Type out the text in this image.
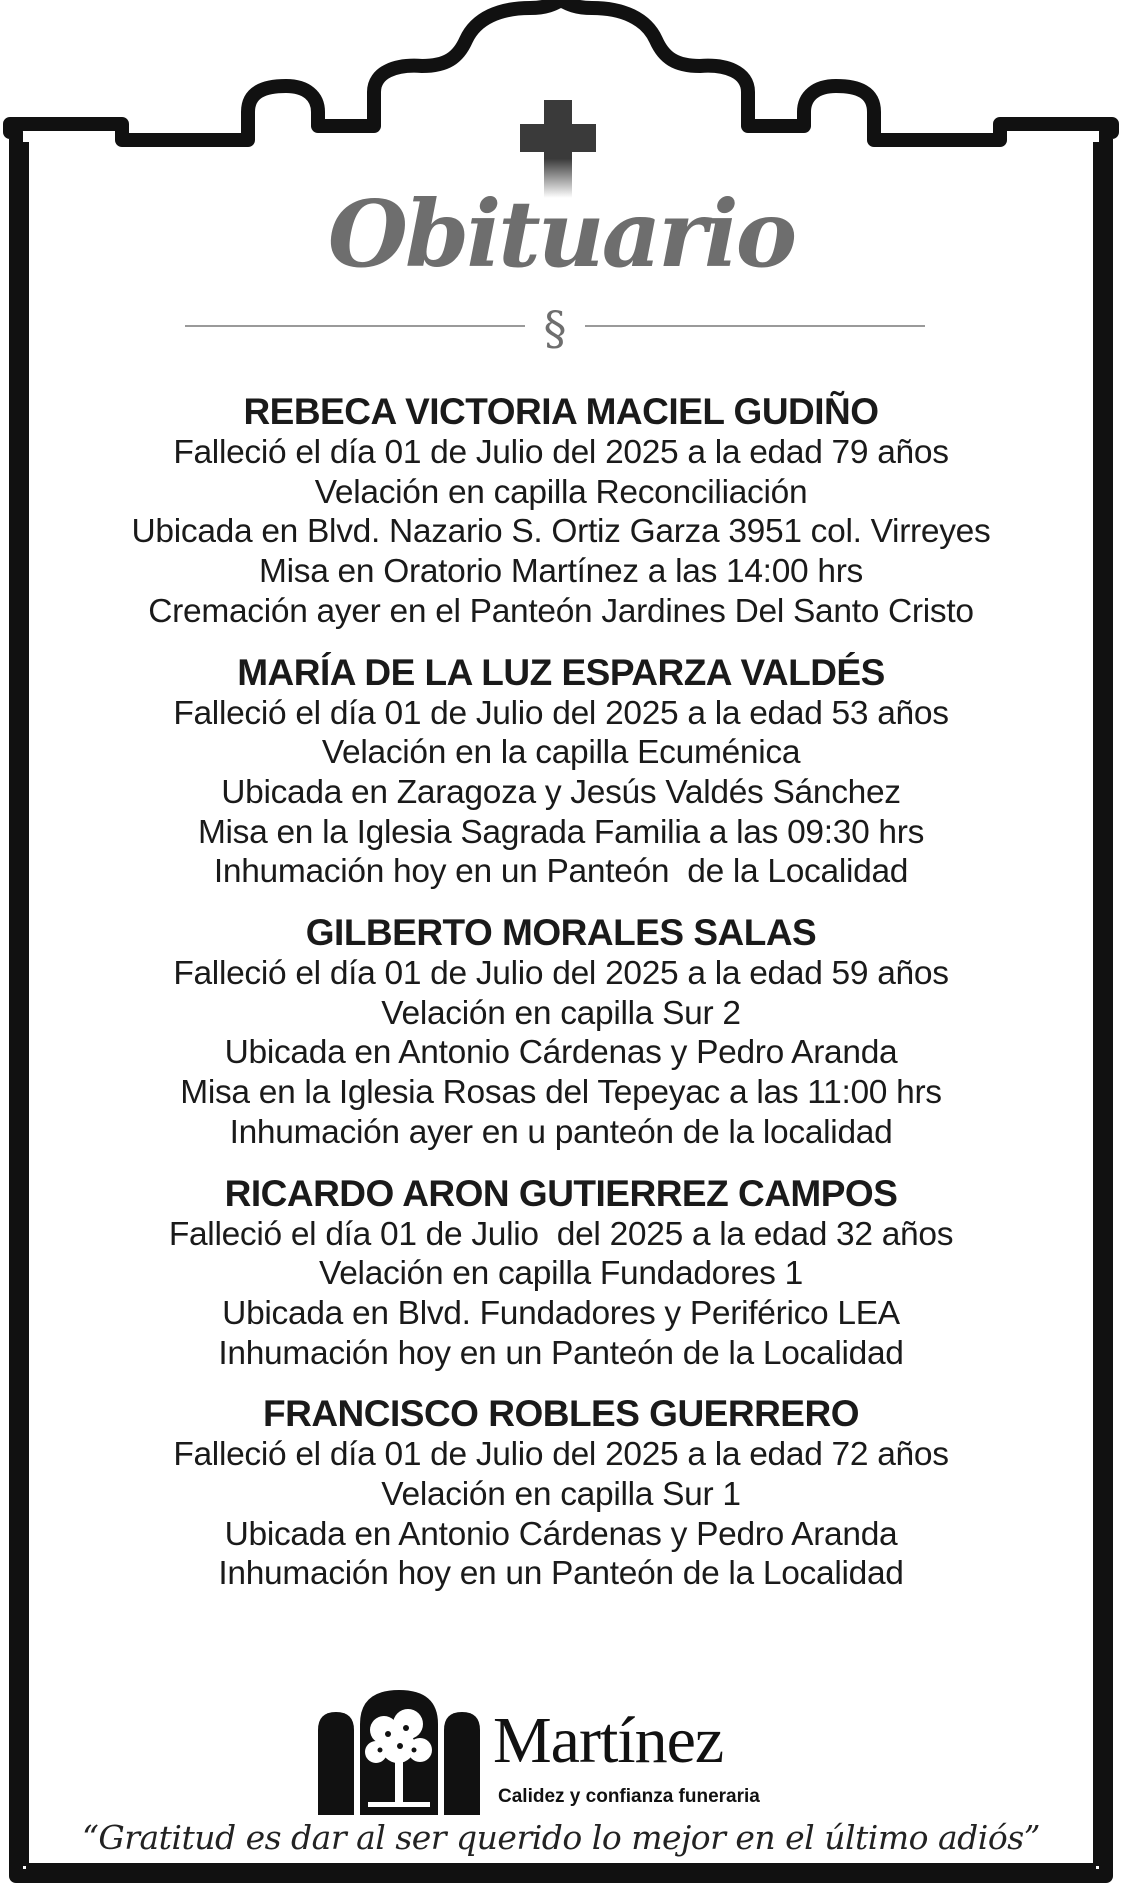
Obituario
§
REBECA VICTORIA MACIEL GUDIÑO
Falleció el día 01 de Julio del 2025 a la edad 79 años
Velación en capilla Reconciliación
Ubicada en Blvd. Nazario S. Ortiz Garza 3951 col. Virreyes
Misa en Oratorio Martínez a las 14:00 hrs
Cremación ayer en el Panteón Jardines Del Santo Cristo
MARÍA DE LA LUZ ESPARZA VALDÉS
Falleció el día 01 de Julio del 2025 a la edad 53 años
Velación en la capilla Ecuménica
Ubicada en Zaragoza y Jesús Valdés Sánchez
Misa en la Iglesia Sagrada Familia a las 09:30 hrs
Inhumación hoy en un Panteón  de la Localidad
GILBERTO MORALES SALAS
Falleció el día 01 de Julio del 2025 a la edad 59 años
Velación en capilla Sur 2
Ubicada en Antonio Cárdenas y Pedro Aranda
Misa en la Iglesia Rosas del Tepeyac a las 11:00 hrs
Inhumación ayer en u panteón de la localidad
RICARDO ARON GUTIERREZ CAMPOS
Falleció el día 01 de Julio  del 2025 a la edad 32 años
Velación en capilla Fundadores 1
Ubicada en Blvd. Fundadores y Periférico LEA
Inhumación hoy en un Panteón de la Localidad
FRANCISCO ROBLES GUERRERO
Falleció el día 01 de Julio del 2025 a la edad 72 años
Velación en capilla Sur 1
Ubicada en Antonio Cárdenas y Pedro Aranda
Inhumación hoy en un Panteón de la Localidad
Martínez
Calidez y confianza funeraria
“Gratitud es dar al ser querido lo mejor en el último adiós”
